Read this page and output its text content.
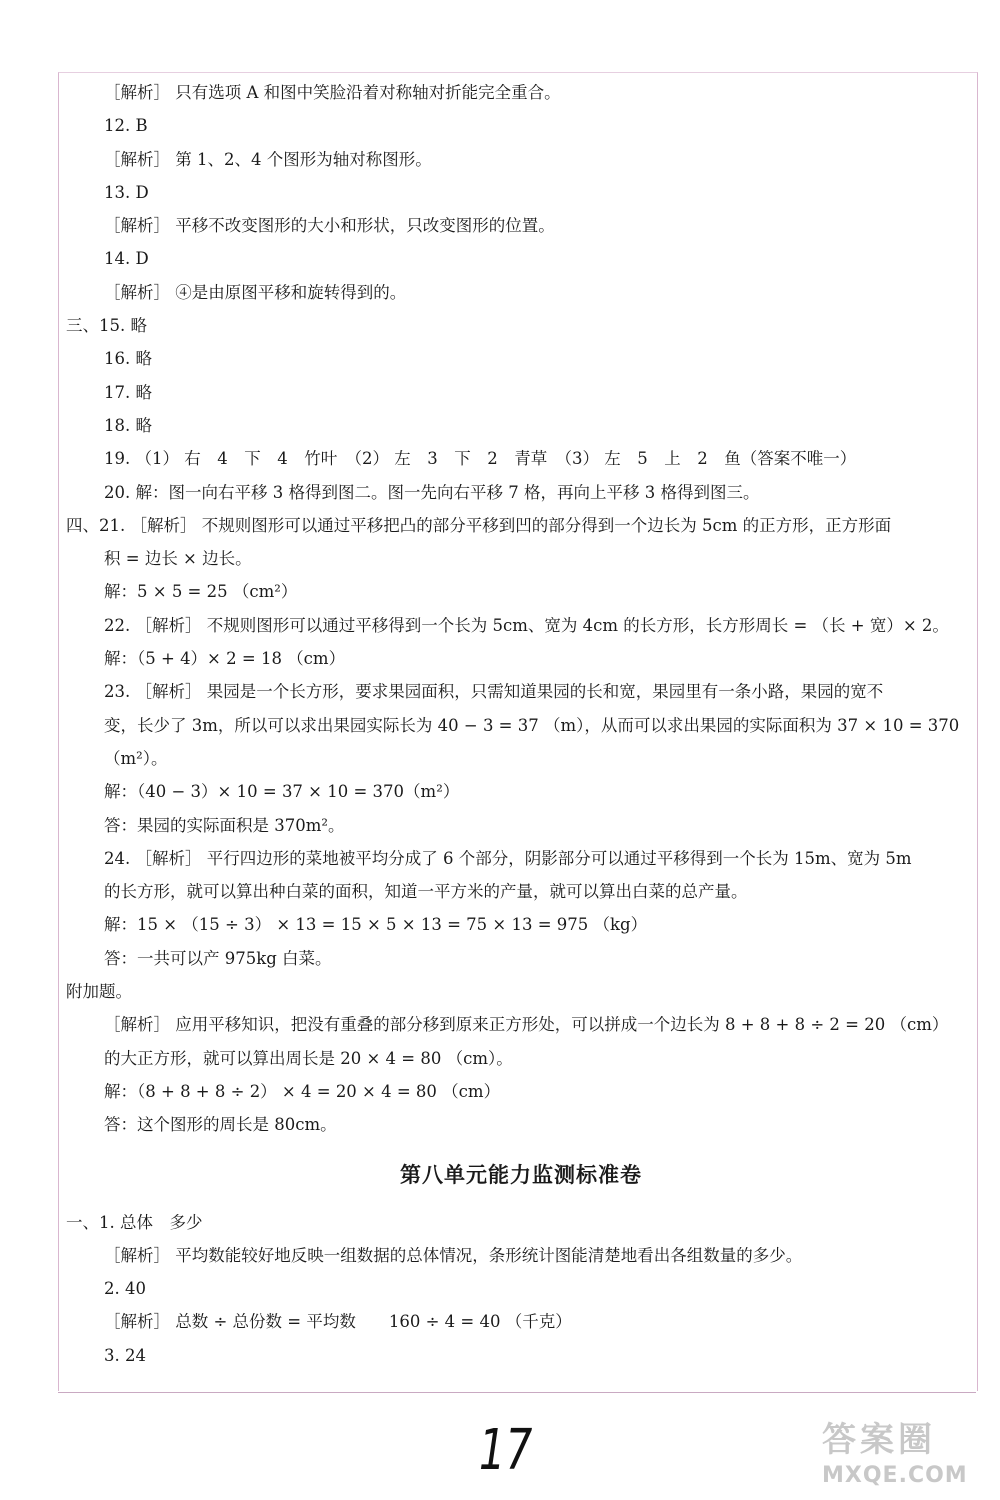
［解析］ 只有选项 A 和图中笑脸沿着对称轴对折能完全重合。
12. B
［解析］ 第 1、2、4 个图形为轴对称图形。
13. D
［解析］ 平移不改变图形的大小和形状，只改变图形的位置。
14. D
［解析］ ④是由原图平移和旋转得到的。
三、15. 略
16. 略
17. 略
18. 略
19. （1） 右　4　下　4　竹叶　（2） 左　3　下　2　青草　（3） 左　5　上　2　鱼（答案不唯一）
20. 解：图一向右平移 3 格得到图二。图一先向右平移 7 格，再向上平移 3 格得到图三。
四、21. ［解析］ 不规则图形可以通过平移把凸的部分平移到凹的部分得到一个边长为 5cm 的正方形，正方形面
积 = 边长 × 边长。
解：5 × 5 = 25 （cm²）
22. ［解析］ 不规则图形可以通过平移得到一个长为 5cm、宽为 4cm 的长方形，长方形周长 = （长 + 宽）× 2。
解：（5 + 4）× 2 = 18 （cm）
23. ［解析］ 果园是一个长方形，要求果园面积，只需知道果园的长和宽，果园里有一条小路，果园的宽不
变，长少了 3m，所以可以求出果园实际长为 40 − 3 = 37 （m），从而可以求出果园的实际面积为 37 × 10 = 370
（m²）。
解：（40 − 3）× 10 = 37 × 10 = 370（m²）
答：果园的实际面积是 370m²。
24. ［解析］ 平行四边形的菜地被平均分成了 6 个部分，阴影部分可以通过平移得到一个长为 15m、宽为 5m
的长方形，就可以算出种白菜的面积，知道一平方米的产量，就可以算出白菜的总产量。
解：15 × （15 ÷ 3） × 13 = 15 × 5 × 13 = 75 × 13 = 975 （kg）
答：一共可以产 975kg 白菜。
附加题。
［解析］ 应用平移知识，把没有重叠的部分移到原来正方形处，可以拼成一个边长为 8 + 8 + 8 ÷ 2 = 20 （cm）
的大正方形，就可以算出周长是 20 × 4 = 80 （cm）。
解：（8 + 8 + 8 ÷ 2） × 4 = 20 × 4 = 80 （cm）
答：这个图形的周长是 80cm。
第八单元能力监测标准卷
一、1. 总体　多少
［解析］ 平均数能较好地反映一组数据的总体情况，条形统计图能清楚地看出各组数量的多少。
2. 40
［解析］ 总数 ÷ 总份数 = 平均数　　160 ÷ 4 = 40 （千克）
3. 24
17	答案圈
MXQE.COM
